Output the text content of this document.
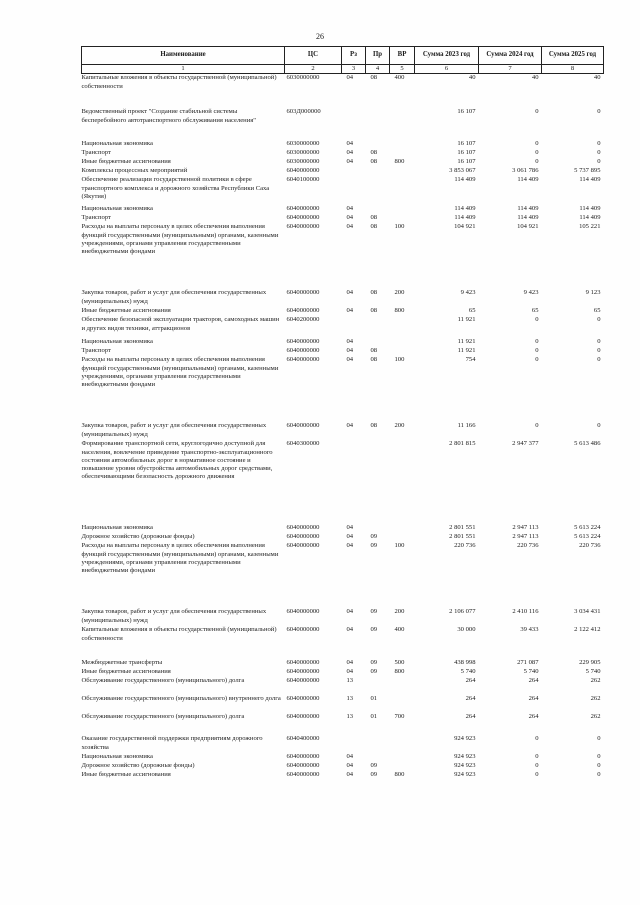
26
Наименование	ЦС	Рз	Пр	ВР	Сумма 2023 год	Сумма 2024 год	Сумма 2025 год
1	2	3	4	5	6	7	8
Капитальные вложения в объекты государственной (муниципальной) собственности	6030000000	04	08	400	40	40	40
Ведомственный проект "Создание стабильной системы бесперебойного автотранспортного обслуживания населения"	603Д000000				16 107	0	0
Национальная экономика	6030000000	04			16 107	0	0
Транспорт	6030000000	04	08		16 107	0	0
Иные бюджетные ассигнования	6030000000	04	08	800	16 107	0	0
Комплексы процессных мероприятий	6040000000				3 853 067	3 061 786	5 737 895
Обеспечение реализации государственной политики в сфере транспортного комплекса и дорожного хозяйства Республики Саха (Якутия)	6040100000				114 409	114 409	114 409
Национальная экономика	6040000000	04			114 409	114 409	114 409
Транспорт	6040000000	04	08		114 409	114 409	114 409
Расходы на выплаты персоналу в целях обеспечения выполнения функций государственными (муниципальными) органами, казенными учреждениями, органами управления государственными внебюджетными фондами	6040000000	04	08	100	104 921	104 921	105 221
Закупка товаров, работ и услуг для обеспечения государственных (муниципальных) нужд	6040000000	04	08	200	9 423	9 423	9 123
Иные бюджетные ассигнования	6040000000	04	08	800	65	65	65
Обеспечение безопасной эксплуатации тракторов, самоходных машин и других видов техники, аттракционов	6040200000				11 921	0	0
Национальная экономика	6040000000	04			11 921	0	0
Транспорт	6040000000	04	08		11 921	0	0
Расходы на выплаты персоналу в целях обеспечения выполнения функций государственными (муниципальными) органами, казенными учреждениями, органами управления государственными внебюджетными фондами	6040000000	04	08	100	754	0	0
Закупка товаров, работ и услуг для обеспечения государственных (муниципальных) нужд	6040000000	04	08	200	11 166	0	0
Формирование транспортной сети, круглогодично доступной для населения, вовлечение приведение транспортно-эксплуатационного состояния автомобильных дорог в нормативное состояние и повышение уровня обустройства автомобильных дорог средствами, обеспечивающими безопасность дорожного движения	6040300000				2 801 815	2 947 377	5 613 486
Национальная экономика	6040000000	04			2 801 551	2 947 113	5 613 224
Дорожное хозяйство (дорожные фонды)	6040000000	04	09		2 801 551	2 947 113	5 613 224
Расходы на выплаты персоналу в целях обеспечения выполнения функций государственными (муниципальными) органами, казенными учреждениями, органами управления государственными внебюджетными фондами	6040000000	04	09	100	220 736	220 736	220 736
Закупка товаров, работ и услуг для обеспечения государственных (муниципальных) нужд	6040000000	04	09	200	2 106 077	2 410 116	3 034 431
Капитальные вложения в объекты государственной (муниципальной) собственности	6040000000	04	09	400	30 000	39 433	2 122 412
Межбюджетные трансферты	6040000000	04	09	500	438 998	271 087	229 905
Иные бюджетные ассигнования	6040000000	04	09	800	5 740	5 740	5 740
Обслуживание государственного (муниципального) долга	6040000000	13			264	264	262
Обслуживание государственного (муниципального) внутреннего долга	6040000000	13	01		264	264	262
Обслуживание государственного (муниципального) долга	6040000000	13	01	700	264	264	262
Оказание государственной поддержки предприятиям дорожного хозяйства	6040400000				924 923	0	0
Национальная экономика	6040000000	04			924 923	0	0
Дорожное хозяйство (дорожные фонды)	6040000000	04	09		924 923	0	0
Иные бюджетные ассигнования	6040000000	04	09	800	924 923	0	0
